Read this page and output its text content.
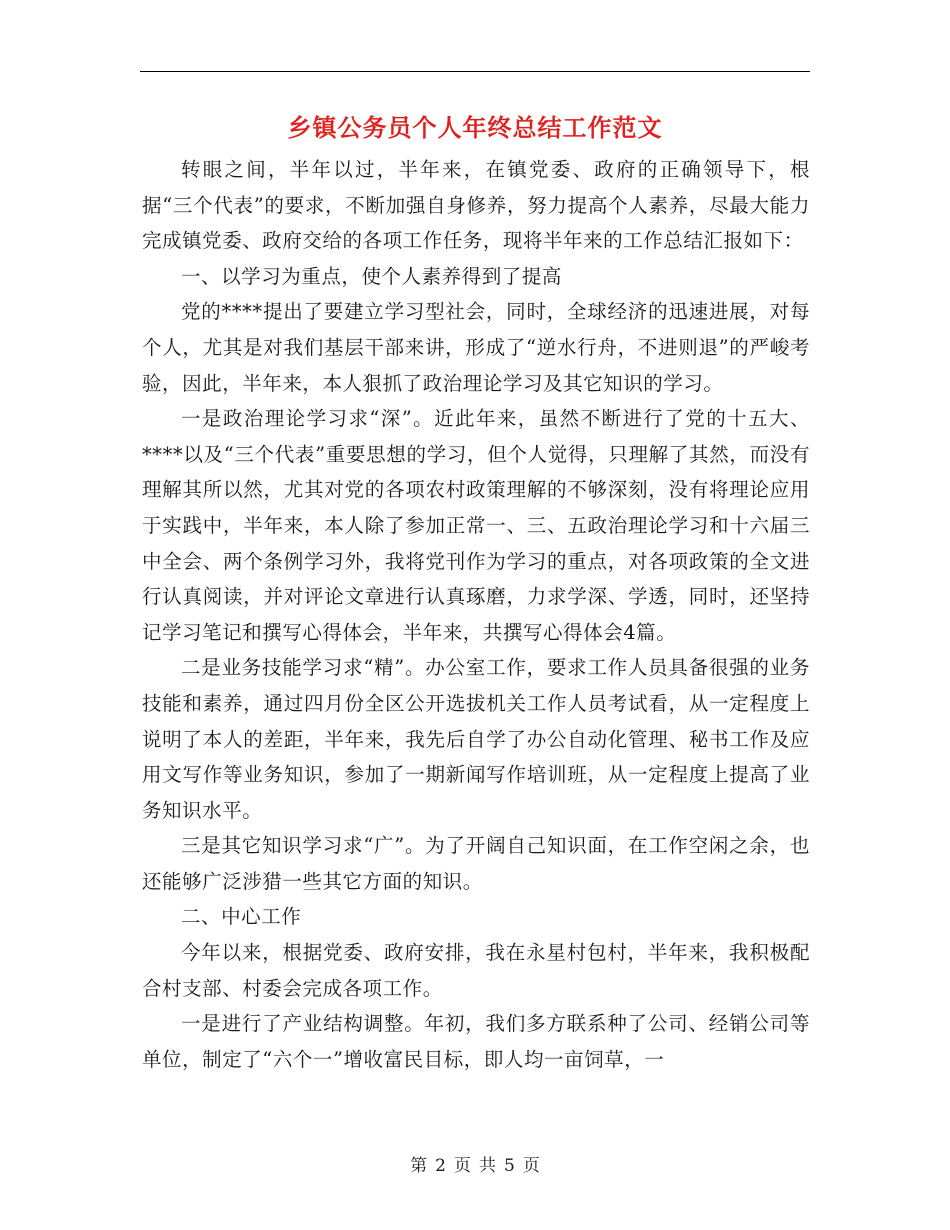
乡镇公务员个人年终总结工作范文

转眼之间，半年以过，半年来，在镇党委、政府的正确领导下，根据“三个代表”的要求，不断加强自身修养，努力提高个人素养，尽最大能力完成镇党委、政府交给的各项工作任务，现将半年来的工作总结汇报如下：

一、以学习为重点，使个人素养得到了提高

党的****提出了要建立学习型社会，同时，全球经济的迅速进展，对每个人，尤其是对我们基层干部来讲，形成了“逆水行舟，不进则退”的严峻考验，因此，半年来，本人狠抓了政治理论学习及其它知识的学习。

一是政治理论学习求“深”。近此年来，虽然不断进行了党的十五大、****以及“三个代表”重要思想的学习，但个人觉得，只理解了其然，而没有理解其所以然，尤其对党的各项农村政策理解的不够深刻，没有将理论应用于实践中，半年来，本人除了参加正常一、三、五政治理论学习和十六届三中全会、两个条例学习外，我将党刊作为学习的重点，对各项政策的全文进行认真阅读，并对评论文章进行认真琢磨，力求学深、学透，同时，还坚持记学习笔记和撰写心得体会，半年来，共撰写心得体会4篇。

二是业务技能学习求“精”。办公室工作，要求工作人员具备很强的业务技能和素养，通过四月份全区公开选拔机关工作人员考试看，从一定程度上说明了本人的差距，半年来，我先后自学了办公自动化管理、秘书工作及应用文写作等业务知识，参加了一期新闻写作培训班，从一定程度上提高了业务知识水平。

三是其它知识学习求“广”。为了开阔自己知识面，在工作空闲之余，也还能够广泛涉猎一些其它方面的知识。

二、中心工作

今年以来，根据党委、政府安排，我在永星村包村，半年来，我积极配合村支部、村委会完成各项工作。

一是进行了产业结构调整。年初，我们多方联系种了公司、经销公司等单位，制定了“六个一”增收富民目标，即人均一亩饲草，一

第 2 页 共 5 页
